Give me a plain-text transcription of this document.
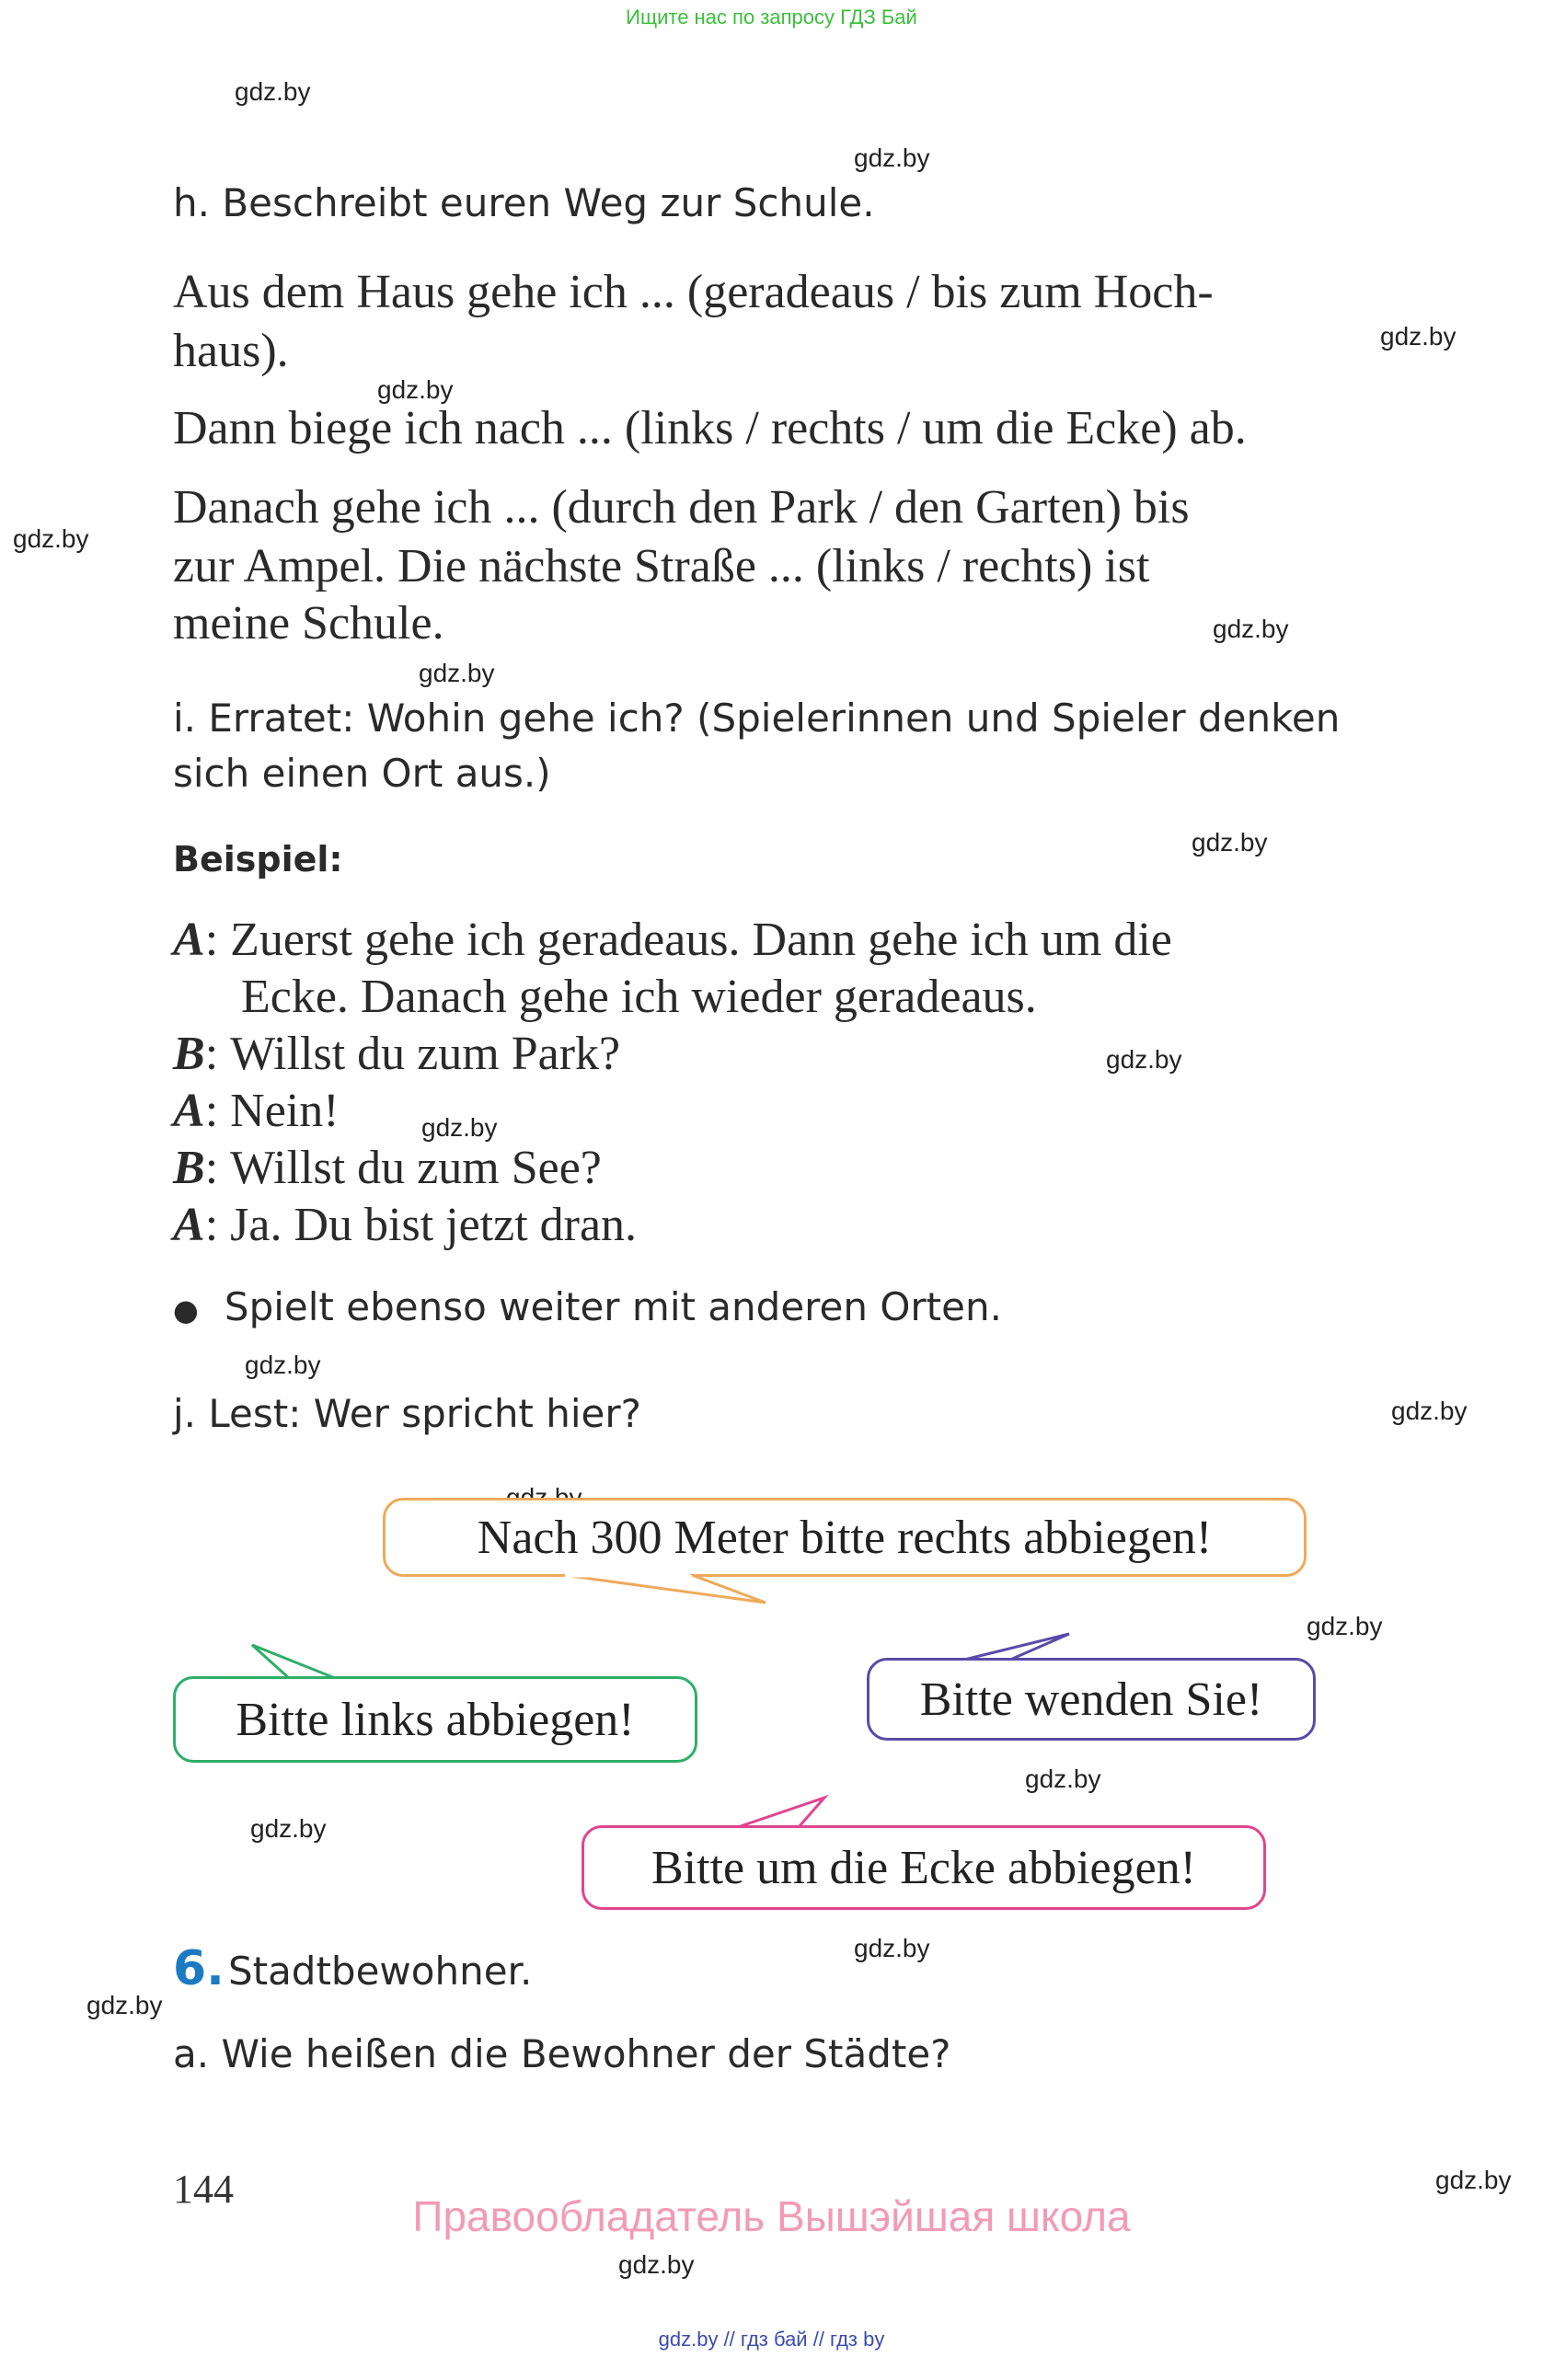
Ищите нас по запросу ГДЗ Бай
gdz.by
gdz.by
gdz.by
gdz.by
gdz.by
gdz.by
gdz.by
gdz.by
gdz.by
gdz.by
gdz.by
gdz.by
gdz.by
gdz.by
gdz.by
gdz.by
gdz.by
gdz.by
gdz.by
h. Beschreibt euren Weg zur Schule.
Aus dem Haus gehe ich ... (geradeaus / bis zum Hoch-
haus).
Dann biege ich nach ... (links / rechts / um die Ecke) ab.
Danach gehe ich ... (durch den Park / den Garten) bis
zur Ampel. Die nächste Straße ... (links / rechts) ist
meine Schule.
i. Erratet: Wohin gehe ich? (Spielerinnen und Spieler denken
sich einen Ort aus.)
Beispiel:
A: Zuerst gehe ich geradeaus. Dann gehe ich um die
Ecke. Danach gehe ich wieder geradeaus.
B: Willst du zum Park?
A: Nein!
B: Willst du zum See?
A: Ja. Du bist jetzt dran.
● Spielt ebenso weiter mit anderen Orten.
j. Lest: Wer spricht hier?
Nach 300 Meter bitte rechts abbiegen!
Bitte links abbiegen!	Bitte wenden Sie!
Bitte um die Ecke abbiegen!
6. Stadtbewohner.
a. Wie heißen die Bewohner der Städte?
144
Правообладатель Вышэйшая школа
gdz.by // гдз бай // гдз by
